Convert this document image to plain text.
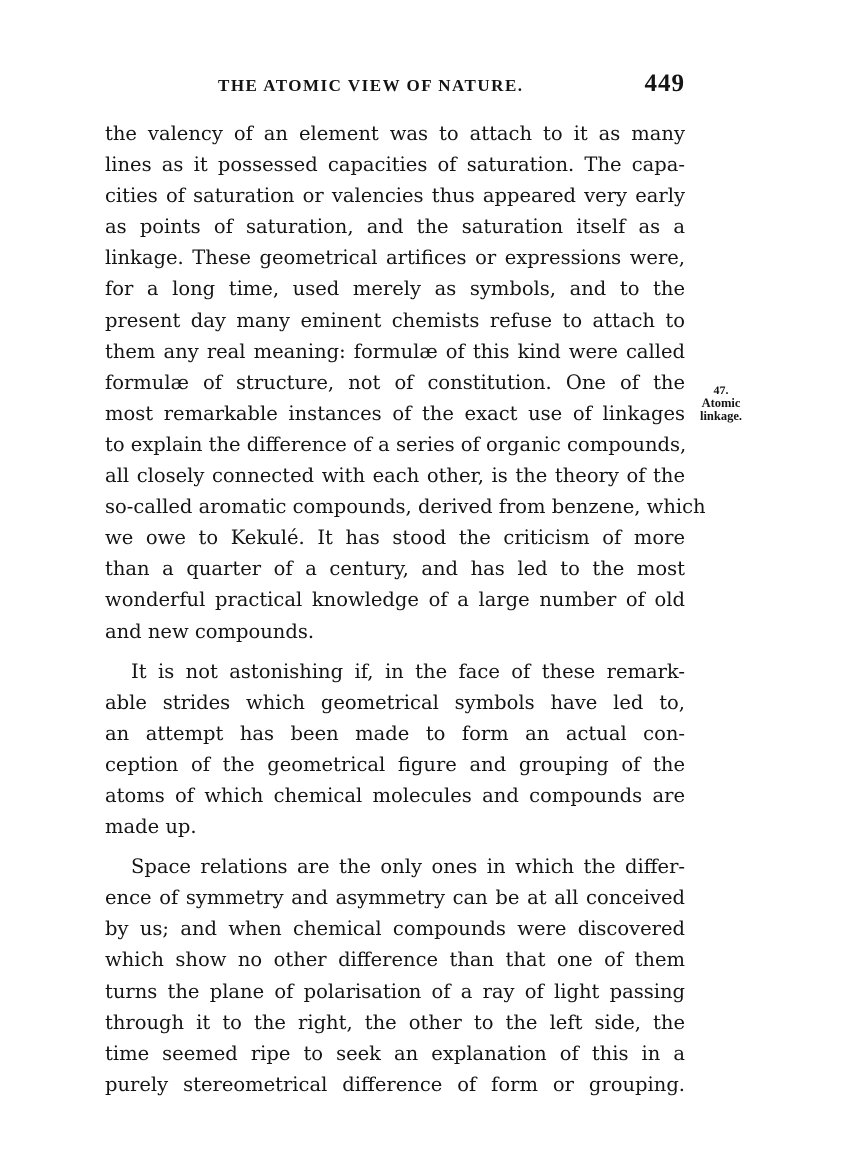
THE ATOMIC VIEW OF NATURE.	449
47.
Atomic
linkage.
the valency of an element was to attach to it as many
lines as it possessed capacities of saturation. The capa-
cities of saturation or valencies thus appeared very early
as points of saturation, and the saturation itself as a
linkage. These geometrical artifices or expressions were,
for a long time, used merely as symbols, and to the
present day many eminent chemists refuse to attach to
them any real meaning: formulæ of this kind were called
formulæ of structure, not of constitution. One of the
most remarkable instances of the exact use of linkages
to explain the difference of a series of organic compounds,
all closely connected with each other, is the theory of the
so-called aromatic compounds, derived from benzene, which
we owe to Kekulé. It has stood the criticism of more
than a quarter of a century, and has led to the most
wonderful practical knowledge of a large number of old
and new compounds.
It is not astonishing if, in the face of these remark-
able strides which geometrical symbols have led to,
an attempt has been made to form an actual con-
ception of the geometrical figure and grouping of the
atoms of which chemical molecules and compounds are
made up.
Space relations are the only ones in which the differ-
ence of symmetry and asymmetry can be at all conceived
by us; and when chemical compounds were discovered
which show no other difference than that one of them
turns the plane of polarisation of a ray of light passing
through it to the right, the other to the left side, the
time seemed ripe to seek an explanation of this in a
purely stereometrical difference of form or grouping.
